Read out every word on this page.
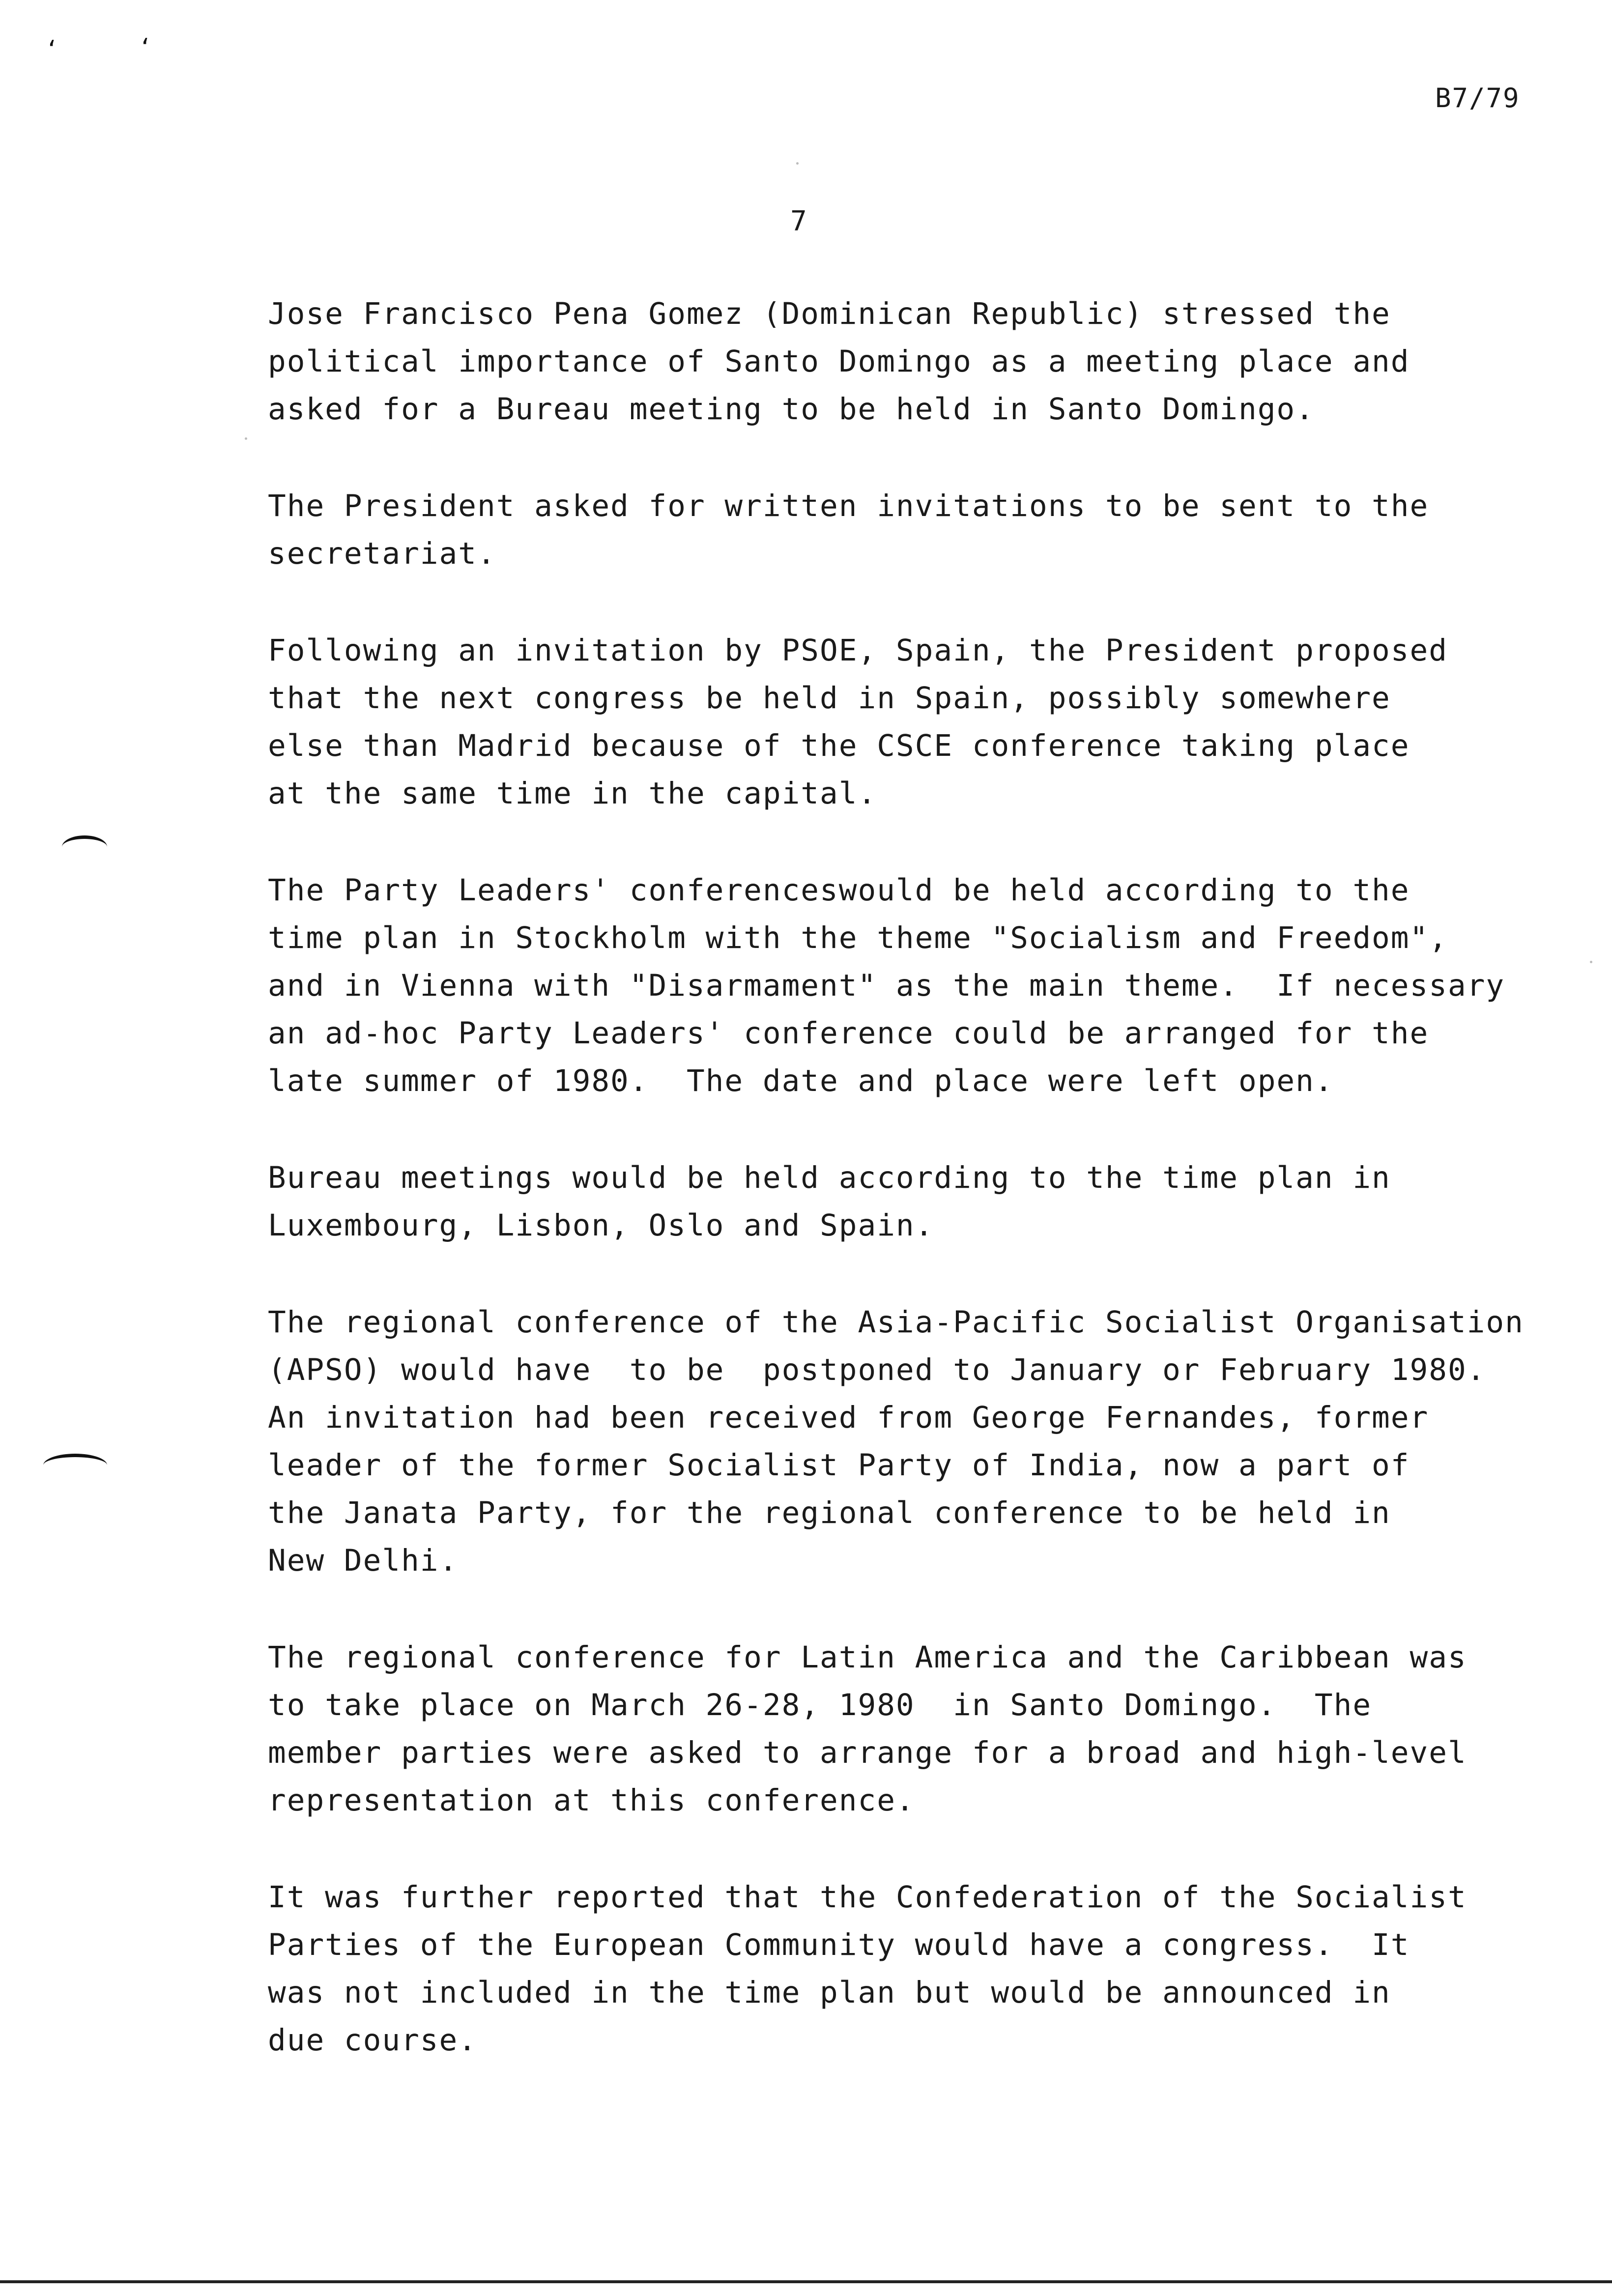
‘	‘
B7/79
7
Jose Francisco Pena Gomez (Dominican Republic) stressed the
political importance of Santo Domingo as a meeting place and
asked for a Bureau meeting to be held in Santo Domingo.
The President asked for written invitations to be sent to the
secretariat.
Following an invitation by PSOE, Spain, the President proposed
that the next congress be held in Spain, possibly somewhere
else than Madrid because of the CSCE conference taking place
at the same time in the capital.
The Party Leaders' conferenceswould be held according to the
time plan in Stockholm with the theme "Socialism and Freedom",
and in Vienna with "Disarmament" as the main theme.  If necessary
an ad-hoc Party Leaders' conference could be arranged for the
late summer of 1980.  The date and place were left open.
Bureau meetings would be held according to the time plan in
Luxembourg, Lisbon, Oslo and Spain.
The regional conference of the Asia-Pacific Socialist Organisation
(APSO) would have  to be  postponed to January or February 1980.
An invitation had been received from George Fernandes, former
leader of the former Socialist Party of India, now a part of
the Janata Party, for the regional conference to be held in
New Delhi.
The regional conference for Latin America and the Caribbean was
to take place on March 26-28, 1980  in Santo Domingo.  The
member parties were asked to arrange for a broad and high-level
representation at this conference.
It was further reported that the Confederation of the Socialist
Parties of the European Community would have a congress.  It
was not included in the time plan but would be announced in
due course.
